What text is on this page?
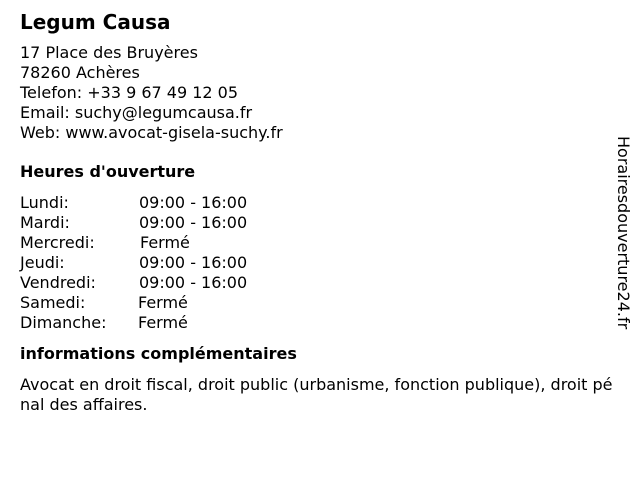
Legum Causa
17 Place des Bruyères
78260 Achères
Telefon: +33 9 67 49 12 05
Email: suchy@legumcausa.fr
Web: www.avocat-gisela-suchy.fr
Heures d'ouverture
Lundi:	09:00 - 16:00
Mardi:	09:00 - 16:00
Mercredi:	Fermé
Jeudi:	09:00 - 16:00
Vendredi:	09:00 - 16:00
Samedi:	Fermé
Dimanche:	Fermé
informations complémentaires
Avocat en droit fiscal, droit public (urbanisme, fonction publique), droit pénal des affaires.
Horairesdouverture24.fr
